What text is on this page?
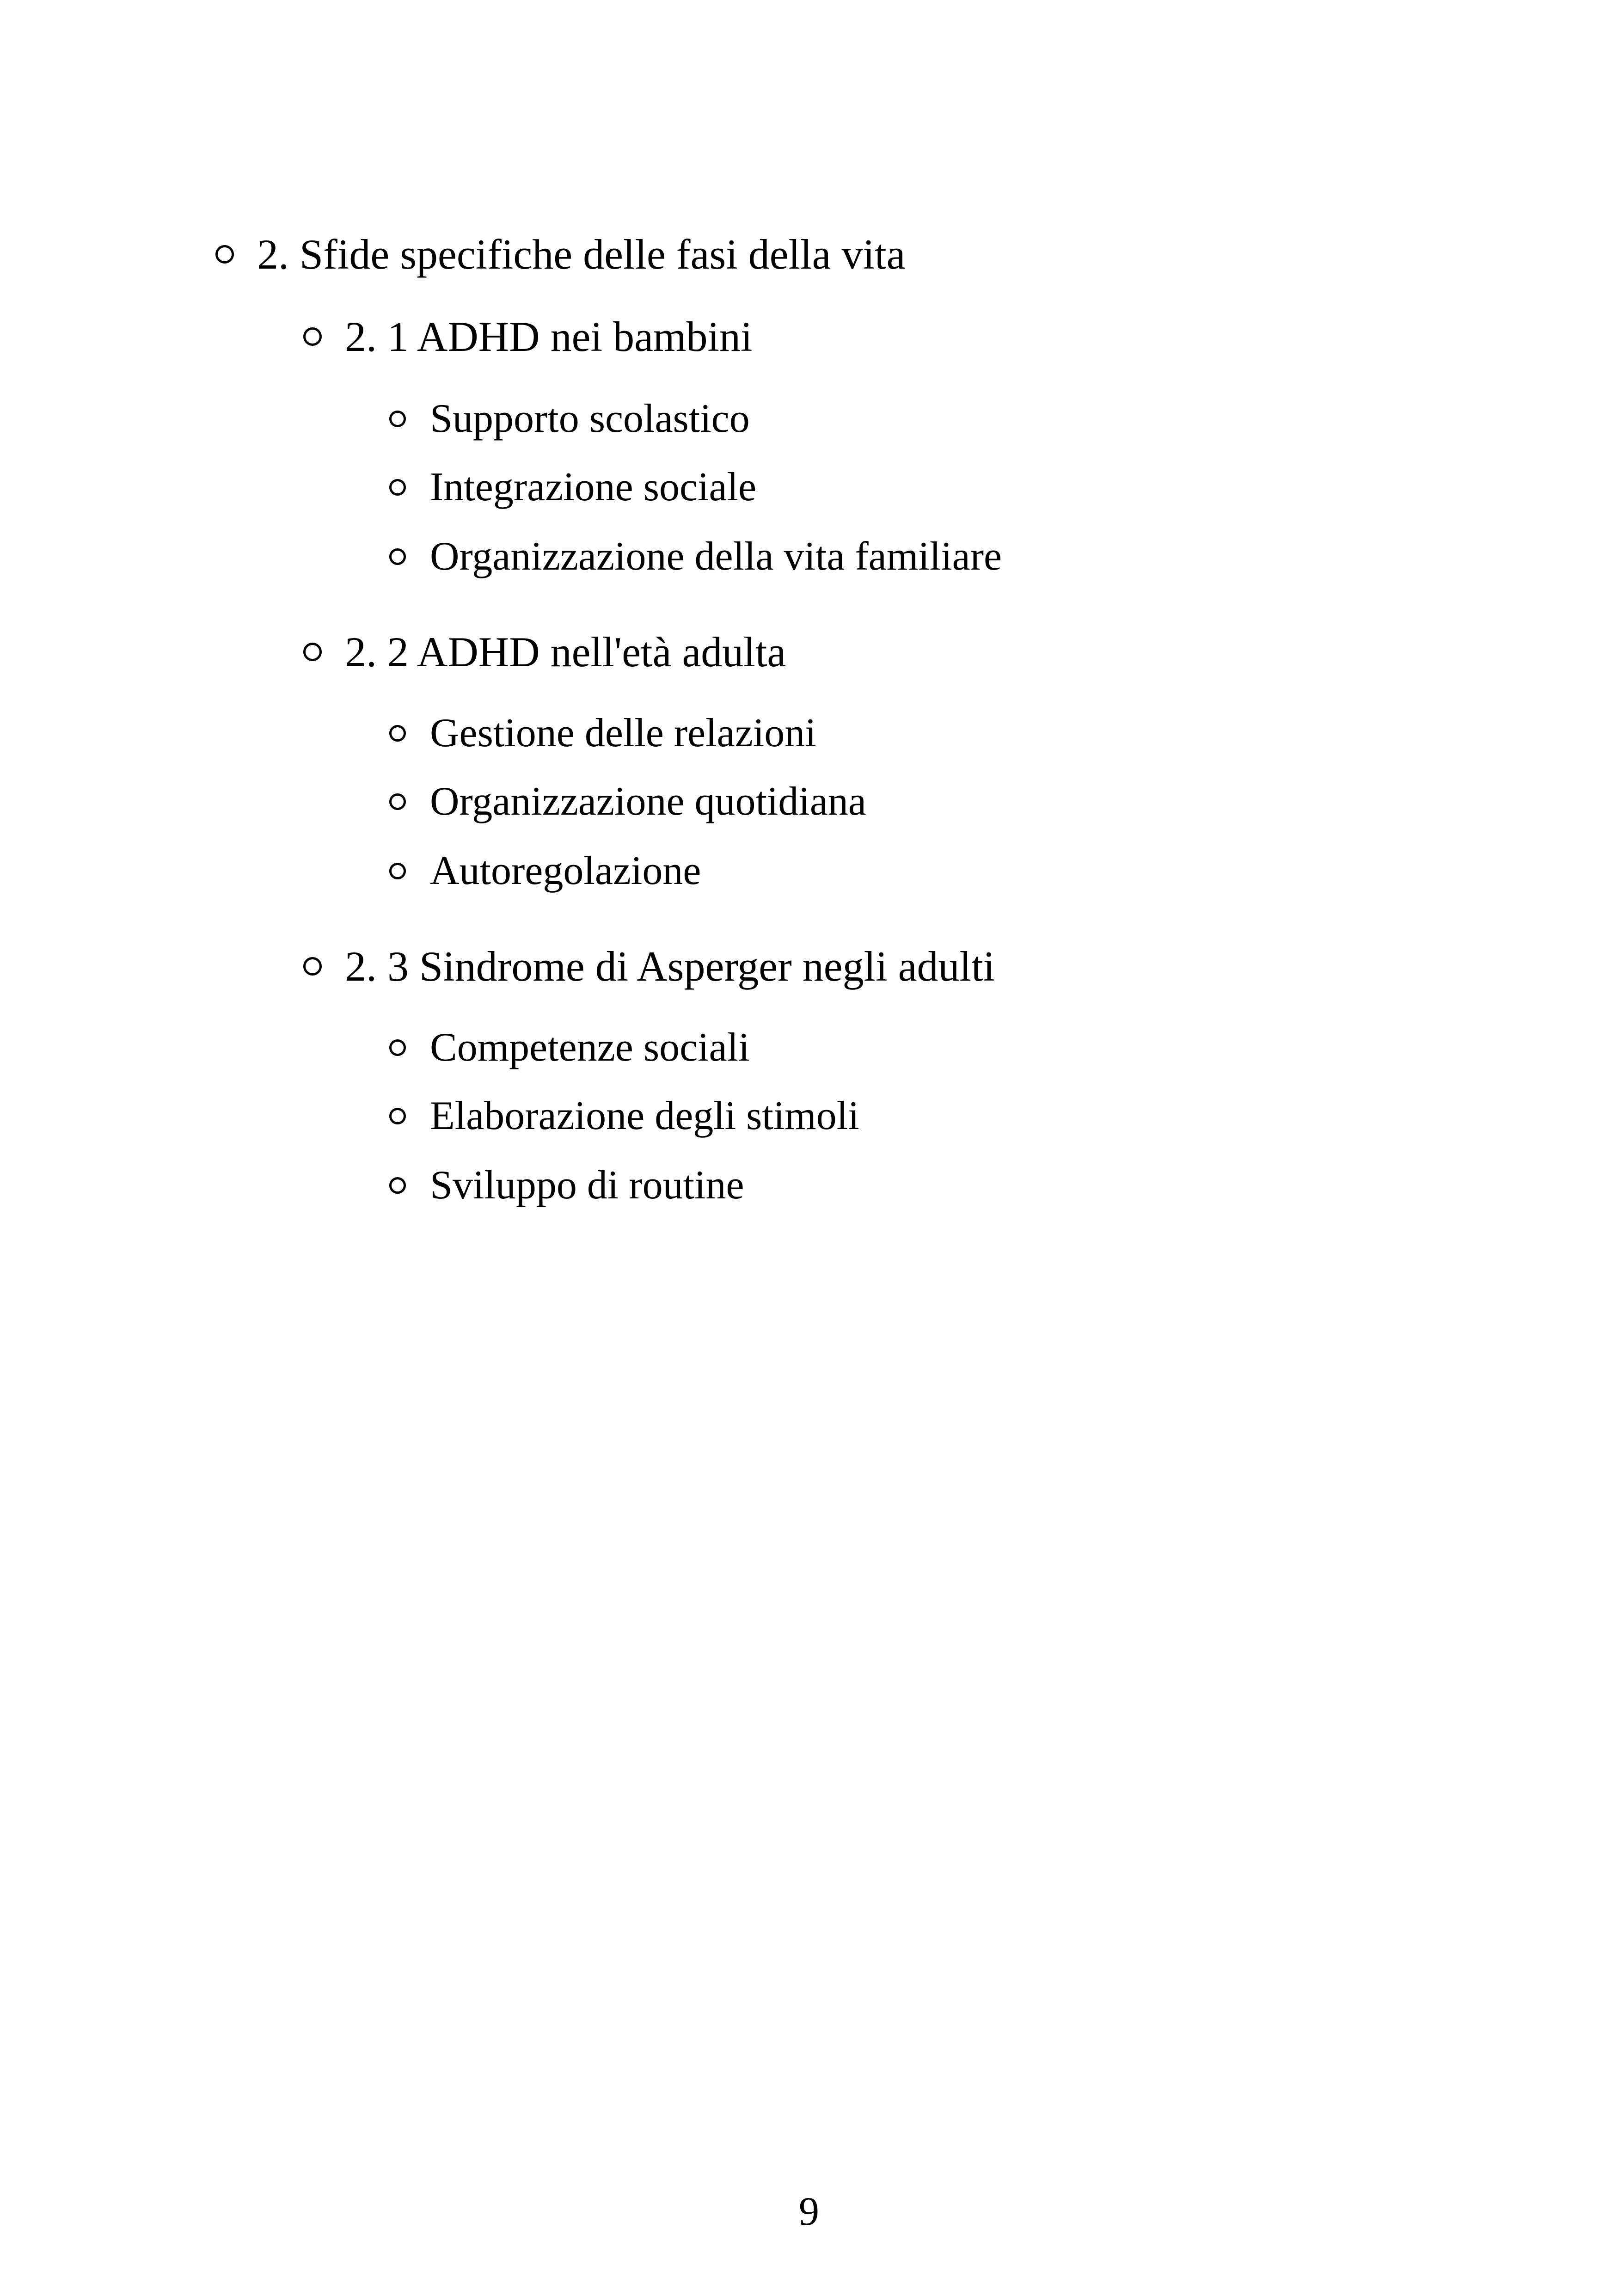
2. Sfide specifiche delle fasi della vita
2. 1 ADHD nei bambini
Supporto scolastico
Integrazione sociale
Organizzazione della vita familiare
2. 2 ADHD nell'età adulta
Gestione delle relazioni
Organizzazione quotidiana
Autoregolazione
2. 3 Sindrome di Asperger negli adulti
Competenze sociali
Elaborazione degli stimoli
Sviluppo di routine
9
